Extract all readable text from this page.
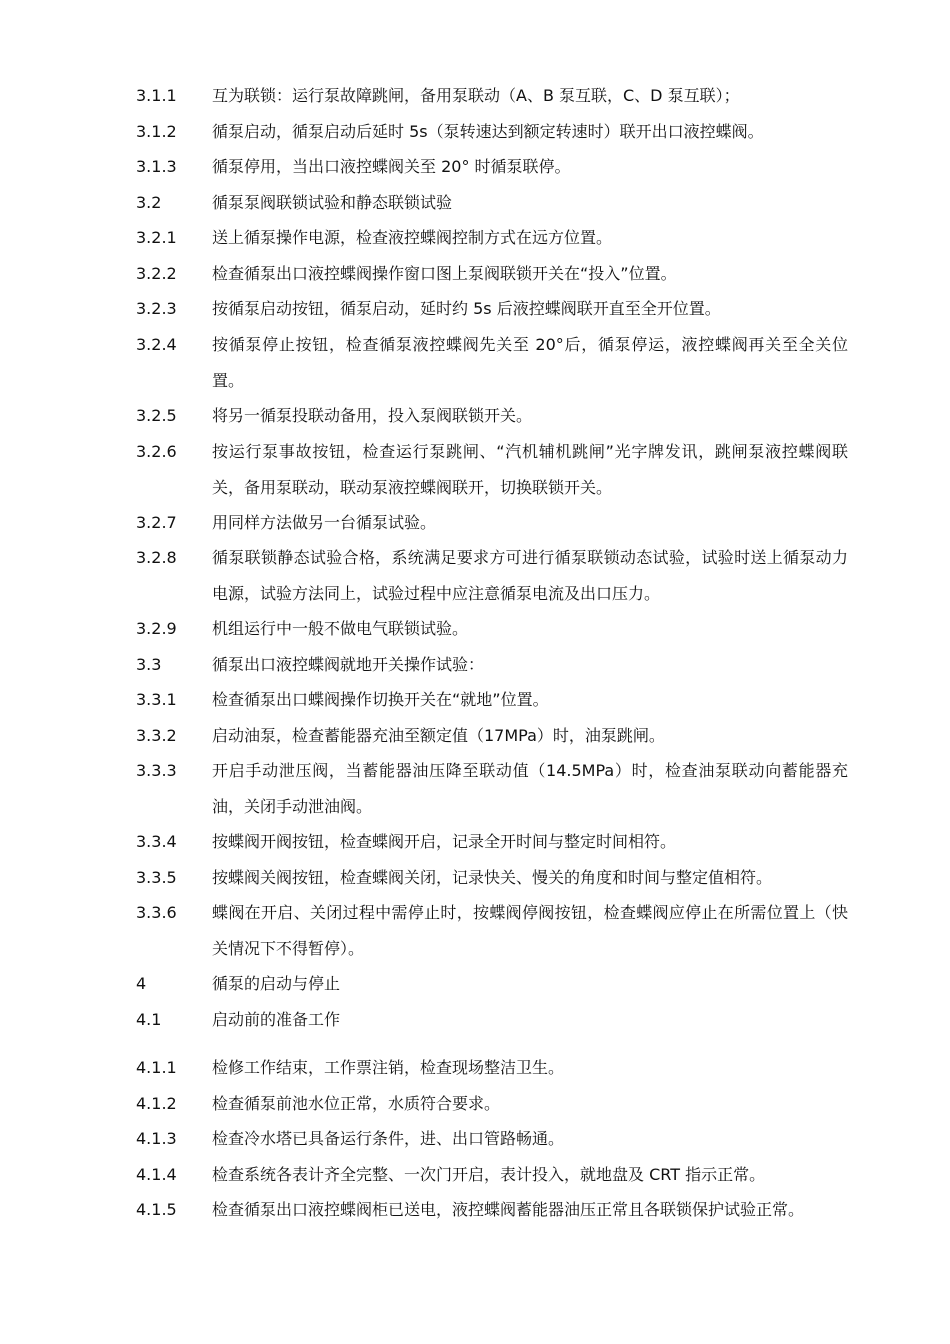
3.1.1	互为联锁：运行泵故障跳闸，备用泵联动（A、B 泵互联，C、D 泵互联）；
3.1.2	循泵启动，循泵启动后延时 5s（泵转速达到额定转速时）联开出口液控蝶阀。
3.1.3	循泵停用，当出口液控蝶阀关至 20° 时循泵联停。
3.2	循泵泵阀联锁试验和静态联锁试验
3.2.1	送上循泵操作电源，检查液控蝶阀控制方式在远方位置。
3.2.2	检查循泵出口液控蝶阀操作窗口图上泵阀联锁开关在“投入”位置。
3.2.3	按循泵启动按钮，循泵启动，延时约 5s 后液控蝶阀联开直至全开位置。
3.2.4	按循泵停止按钮，检查循泵液控蝶阀先关至 20°后，循泵停运，液控蝶阀再关至全关位置。
3.2.5	将另一循泵投联动备用，投入泵阀联锁开关。
3.2.6	按运行泵事故按钮，检查运行泵跳闸、“汽机辅机跳闸”光字牌发讯，跳闸泵液控蝶阀联关，备用泵联动，联动泵液控蝶阀联开，切换联锁开关。
3.2.7	用同样方法做另一台循泵试验。
3.2.8	循泵联锁静态试验合格，系统满足要求方可进行循泵联锁动态试验，试验时送上循泵动力电源，试验方法同上，试验过程中应注意循泵电流及出口压力。
3.2.9	机组运行中一般不做电气联锁试验。
3.3	循泵出口液控蝶阀就地开关操作试验：
3.3.1	检查循泵出口蝶阀操作切换开关在“就地”位置。
3.3.2	启动油泵，检查蓄能器充油至额定值（17MPa）时，油泵跳闸。
3.3.3	开启手动泄压阀，当蓄能器油压降至联动值（14.5MPa）时，检查油泵联动向蓄能器充油，关闭手动泄油阀。
3.3.4	按蝶阀开阀按钮，检查蝶阀开启，记录全开时间与整定时间相符。
3.3.5	按蝶阀关阀按钮，检查蝶阀关闭，记录快关、慢关的角度和时间与整定值相符。
3.3.6	蝶阀在开启、关闭过程中需停止时，按蝶阀停阀按钮，检查蝶阀应停止在所需位置上（快关情况下不得暂停）。
4	循泵的启动与停止
4.1	启动前的准备工作
4.1.1	检修工作结束，工作票注销，检查现场整洁卫生。
4.1.2	检查循泵前池水位正常，水质符合要求。
4.1.3	检查冷水塔已具备运行条件，进、出口管路畅通。
4.1.4	检查系统各表计齐全完整、一次门开启，表计投入，就地盘及 CRT 指示正常。
4.1.5	检查循泵出口液控蝶阀柜已送电，液控蝶阀蓄能器油压正常且各联锁保护试验正常。
